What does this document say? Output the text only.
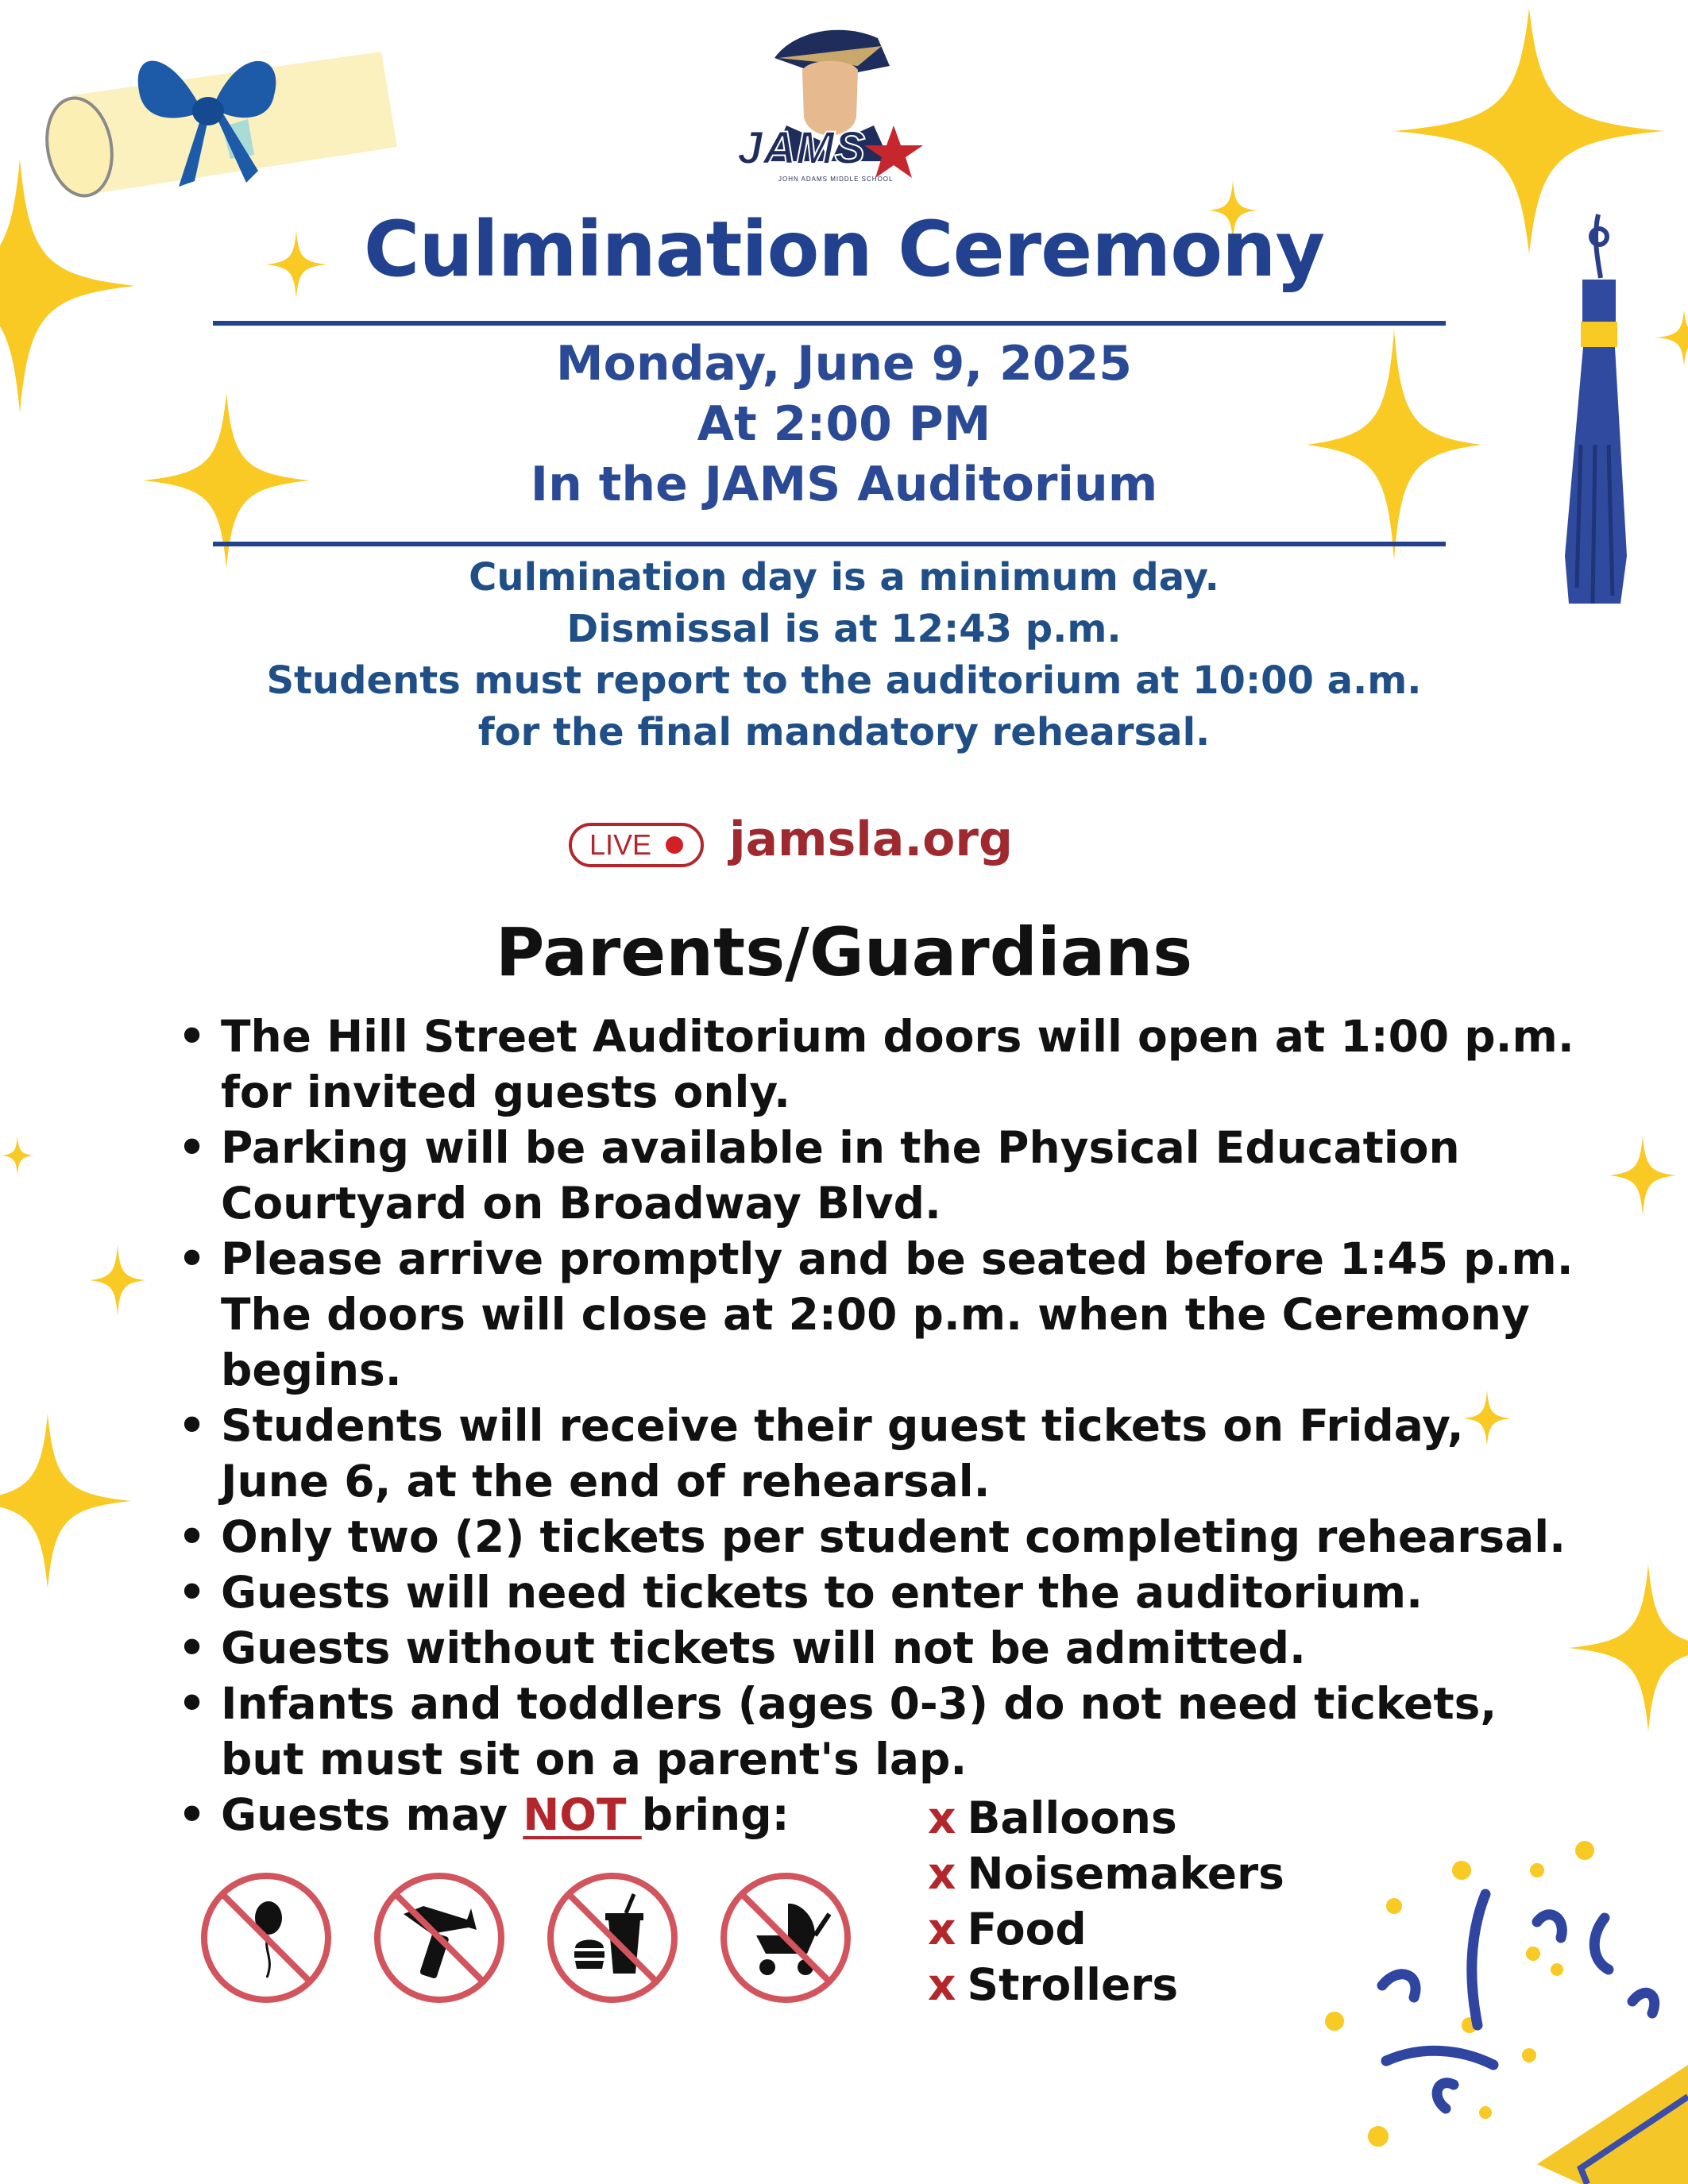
JAMS
JOHN ADAMS MIDDLE SCHOOL
Culmination Ceremony
Monday, June 9, 2025
At 2:00 PM
In the JAMS Auditorium
Culmination day is a minimum day.
Dismissal is at 12:43 p.m.
Students must report to the auditorium at 10:00 a.m.
for the final mandatory rehearsal.
LIVE	jamsla.org
Parents/Guardians
• The Hill Street Auditorium doors will open at 1:00 p.m. for invited guests only.
• Parking will be available in the Physical Education Courtyard on Broadway Blvd.
• Please arrive promptly and be seated before 1:45 p.m. The doors will close at 2:00 p.m. when the Ceremony begins.
• Students will receive their guest tickets on Friday, June 6, at the end of rehearsal.
• Only two (2) tickets per student completing rehearsal.
• Guests will need tickets to enter the auditorium.
• Guests without tickets will not be admitted.
• Infants and toddlers (ages 0-3) do not need tickets, but must sit on a parent's lap.
• Guests may NOT bring:	x Balloons
x Noisemakers
x Food
x Strollers
